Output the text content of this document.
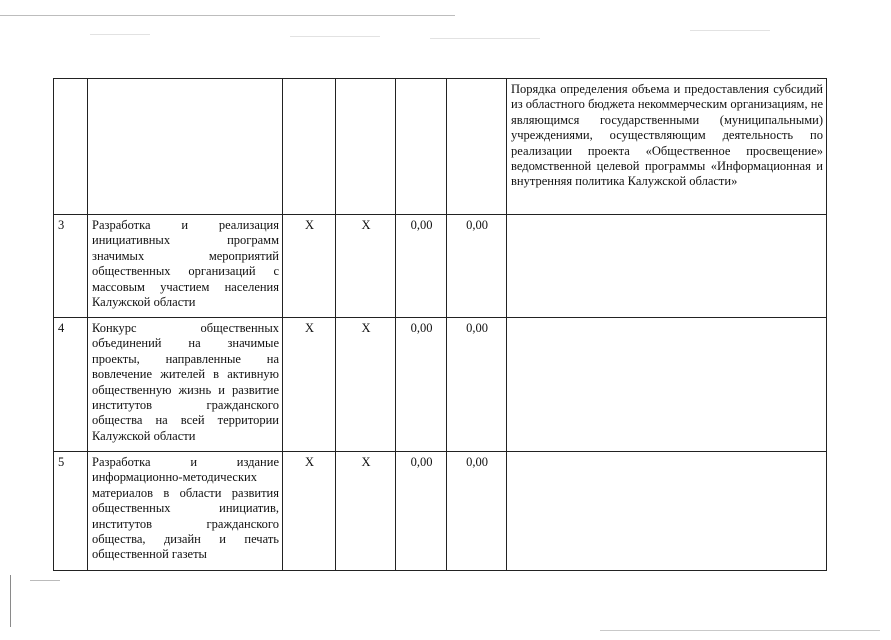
						Порядка определения объема и предоставления субсидий из областного бюджета некоммерческим организациям, не являющимся государственными (муниципальными) учреждениями, осуществляющим деятельность по реализации проекта «Общественное просвещение» ведомственной целевой программы «Информационная и внутренняя политика Калужской области»

3	Разработка и реализация инициативных программ значимых мероприятий общественных организаций с массовым участием населения Калужской области	Х	Х	0,00	0,00	
4	Конкурс общественных объединений на значимые проекты, направленные на вовлечение жителей в активную общественную жизнь и развитие институтов гражданского общества на всей территории Калужской области	Х	Х	0,00	0,00	
5	Разработка и издание информационно-методических материалов в области развития общественных инициатив, институтов гражданского общества, дизайн и печать общественной газеты	Х	Х	0,00	0,00	
